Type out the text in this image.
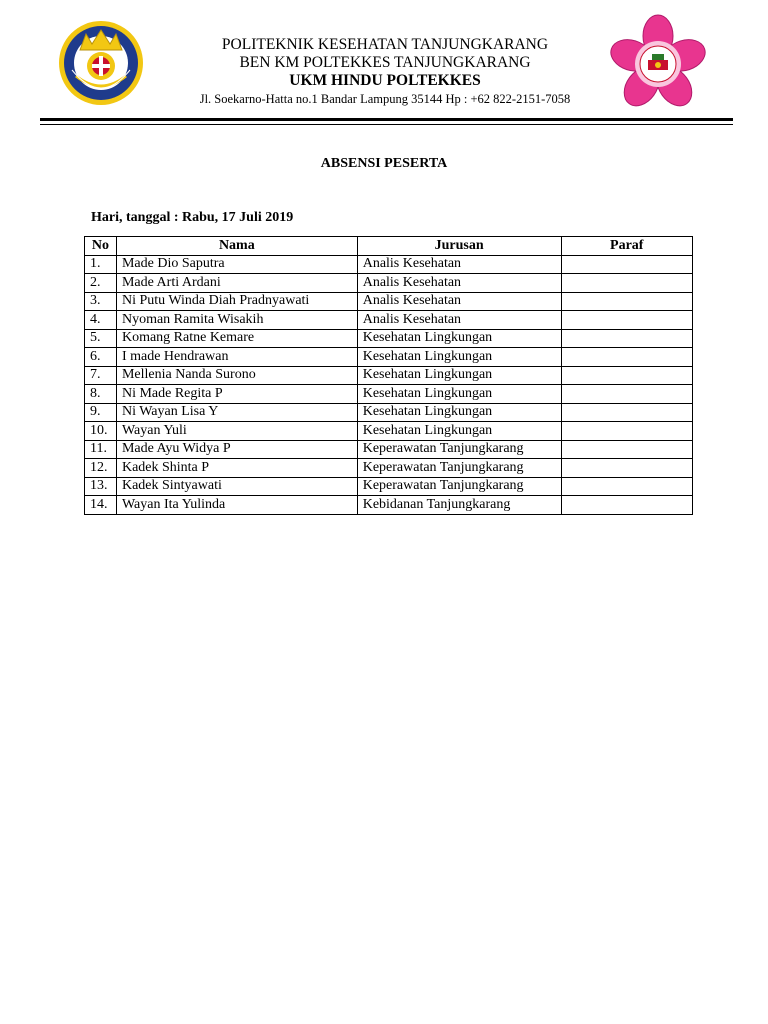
POLITEKNIK KESEHATAN TANJUNGKARANG
BEN KM POLTEKKES TANJUNGKARANG
UKM HINDU POLTEKKES
Jl. Soekarno-Hatta no.1 Bandar Lampung 35144 Hp : +62 822-2151-7058
ABSENSI PESERTA
Hari, tanggal : Rabu, 17 Juli 2019
No	Nama	Jurusan	Paraf
1.	Made Dio Saputra	Analis Kesehatan	
2.	Made Arti Ardani	Analis Kesehatan	
3.	Ni Putu Winda Diah Pradnyawati	Analis Kesehatan	
4.	Nyoman Ramita Wisakih	Analis Kesehatan	
5.	Komang Ratne Kemare	Kesehatan Lingkungan	
6.	I made Hendrawan	Kesehatan Lingkungan	
7.	Mellenia Nanda Surono	Kesehatan Lingkungan	
8.	Ni Made Regita P	Kesehatan Lingkungan	
9.	Ni Wayan Lisa Y	Kesehatan Lingkungan	
10.	Wayan Yuli	Kesehatan Lingkungan	
11.	Made Ayu Widya P	Keperawatan Tanjungkarang	
12.	Kadek Shinta P	Keperawatan Tanjungkarang	
13.	Kadek Sintyawati	Keperawatan Tanjungkarang	
14.	Wayan Ita Yulinda	Kebidanan Tanjungkarang	
